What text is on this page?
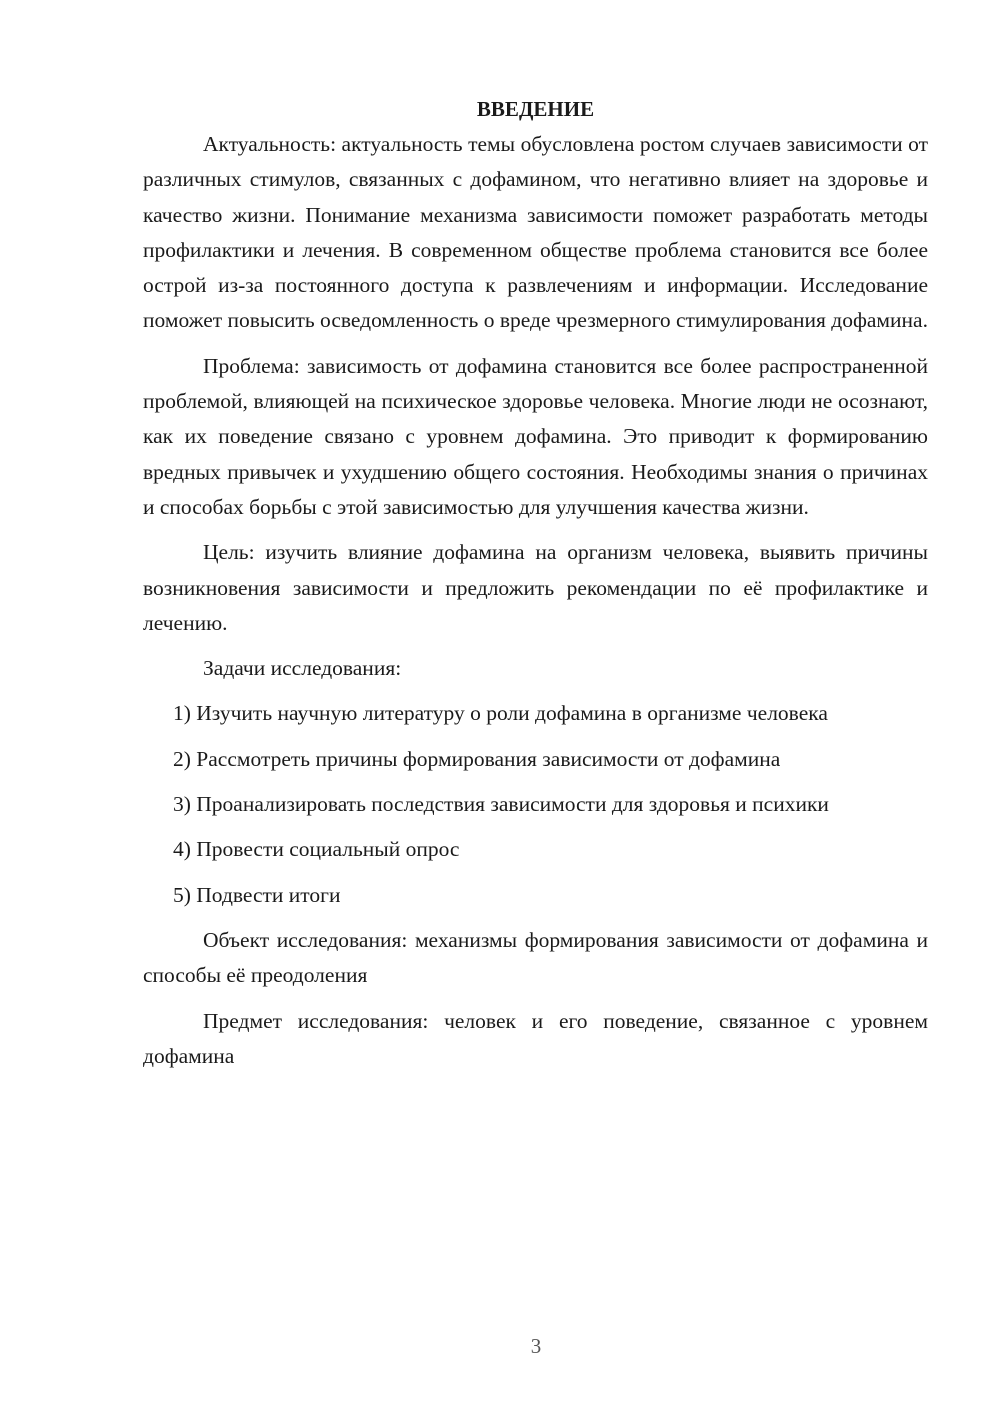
ВВЕДЕНИЕ

Актуальность: актуальность темы обусловлена ростом случаев зависимости от различных стимулов, связанных с дофамином, что негативно влияет на здоровье и качество жизни. Понимание механизма зависимости поможет разработать методы профилактики и лечения. В современном обществе проблема становится все более острой из-за постоянного доступа к развлечениям и информации. Исследование поможет повысить осведомленность о вреде чрезмерного стимулирования дофамина.

Проблема: зависимость от дофамина становится все более распространенной проблемой, влияющей на психическое здоровье человека. Многие люди не осознают, как их поведение связано с уровнем дофамина. Это приводит к формированию вредных привычек и ухудшению общего состояния. Необходимы знания о причинах и способах борьбы с этой зависимостью для улучшения качества жизни.

Цель: изучить влияние дофамина на организм человека, выявить причины возникновения зависимости и предложить рекомендации по её профилактике и лечению.

Задачи исследования:

1) Изучить научную литературу о роли дофамина в организме человека

2) Рассмотреть причины формирования зависимости от дофамина

3) Проанализировать последствия зависимости для здоровья и психики

4) Провести социальный опрос

5) Подвести итоги

Объект исследования: механизмы формирования зависимости от дофамина и способы её преодоления

Предмет исследования: человек и его поведение, связанное с уровнем дофамина

3
